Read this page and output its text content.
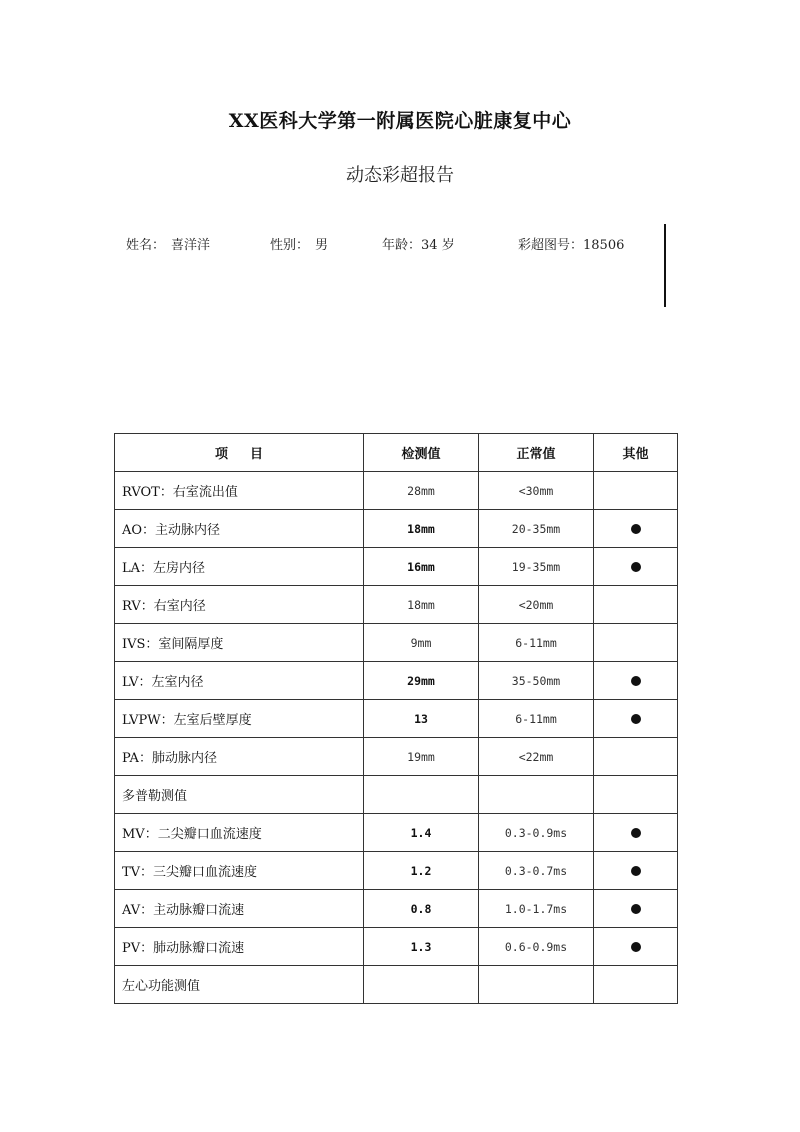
XX医科大学第一附属医院心脏康复中心
动态彩超报告
姓名： 喜洋洋	性别： 男	年龄：34 岁	彩超图号：18506
项 目	检测值	正常值	其他
RVOT：右室流出值	28mm	<30mm	
AO：主动脉内径	18mm	20-35mm	
LA：左房内径	16mm	19-35mm	
RV：右室内径	18mm	<20mm	
IVS：室间隔厚度	9mm	6-11mm	
LV：左室内径	29mm	35-50mm	
LVPW：左室后壁厚度	13	6-11mm	
PA：肺动脉内径	19mm	<22mm	
多普勒测值			
MV：二尖瓣口血流速度	1.4	0.3-0.9ms	
TV：三尖瓣口血流速度	1.2	0.3-0.7ms	
AV：主动脉瓣口流速	0.8	1.0-1.7ms	
PV：肺动脉瓣口流速	1.3	0.6-0.9ms	
左心功能测值			
